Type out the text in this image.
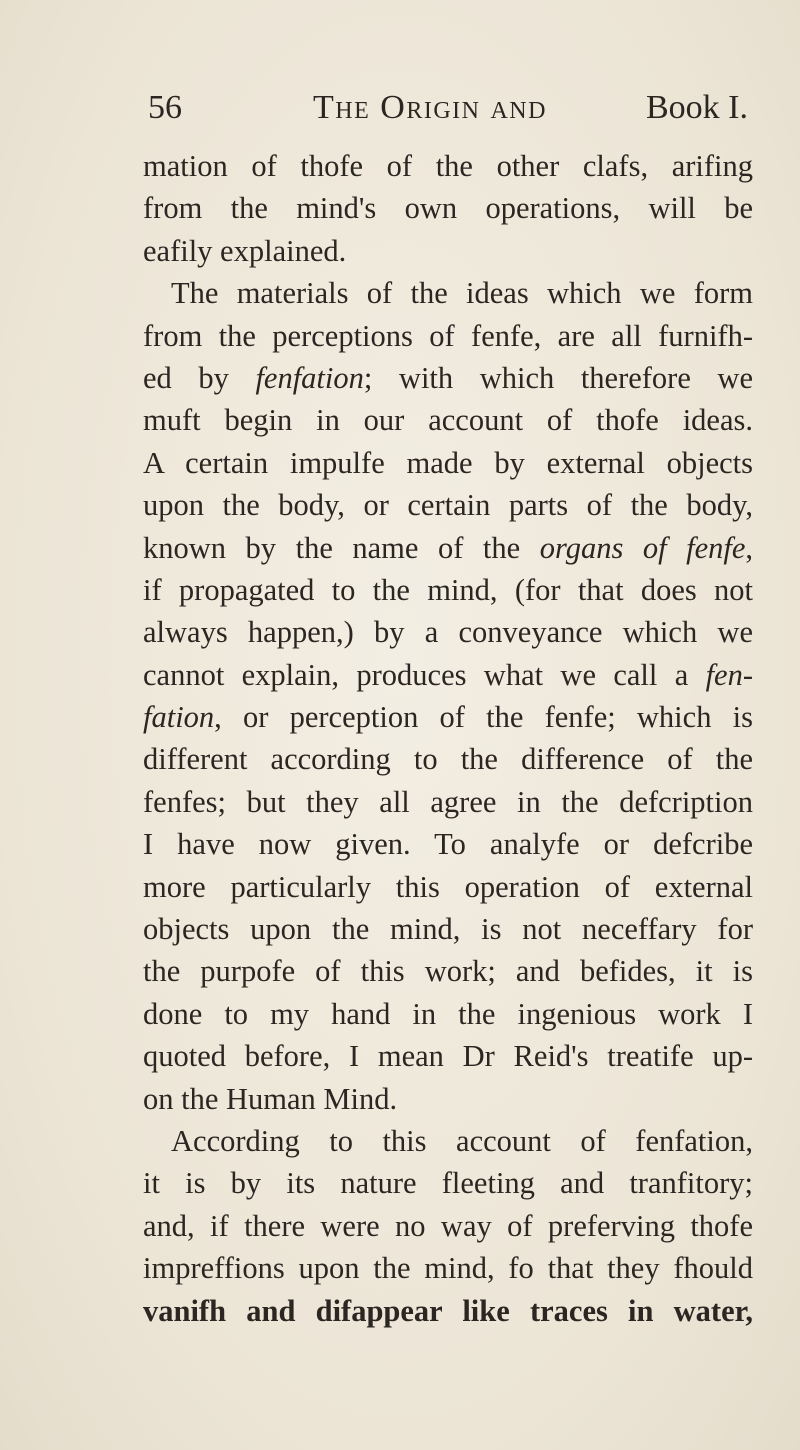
56	The Origin and	Book I.
mation of thofe of the other clafs, arifing
from the mind's own operations, will be
eafily explained.
The materials of the ideas which we form
from the perceptions of fenfe, are all furnifh-
ed by fenfation; with which therefore we
muft begin in our account of thofe ideas.
A certain impulfe made by external objects
upon the body, or certain parts of the body,
known by the name of the organs of fenfe,
if propagated to the mind, (for that does not
always happen,) by a conveyance which we
cannot explain, produces what we call a fen-
fation, or perception of the fenfe; which is
different according to the difference of the
fenfes; but they all agree in the defcription
I have now given. To analyfe or defcribe
more particularly this operation of external
objects upon the mind, is not neceffary for
the purpofe of this work; and befides, it is
done to my hand in the ingenious work I
quoted before, I mean Dr Reid's treatife up-
on the Human Mind.
According to this account of fenfation,
it is by its nature fleeting and tranfitory;
and, if there were no way of preferving thofe
impreffions upon the mind, fo that they fhould
vanifh and difappear like traces in water,
